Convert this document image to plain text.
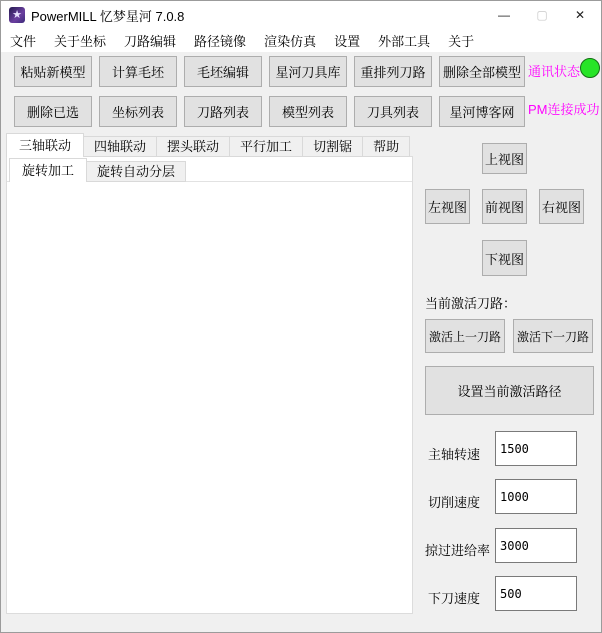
★
PowerMILL 忆梦星河 7.0.8	—	▢	✕
文件	关于坐标	刀路编辑	路径镜像	渲染仿真	设置	外部工具	关于
通讯状态
PM连接成功
666
✓
0
360
✓
0
0.4
0.2
✓
-
✓
上视图
左视图 前视图 右视图
下视图
当前激活刀路：
激活上一刀路	激活下一刀路
设置当前激活路径
主轴转速
1500
切削速度
1000
掠过进给率
3000
下刀速度
500
粘贴新模型	计算毛坯	毛坯编辑	星河刀具库	重排列刀路	删除全部模型
删除已选	坐标列表	刀路列表	模型列表	刀具列表	星河博客网
三轴联动	四轴联动	摆头联动	平行加工	切割锯	帮助
旋转加工	旋转自动分层
